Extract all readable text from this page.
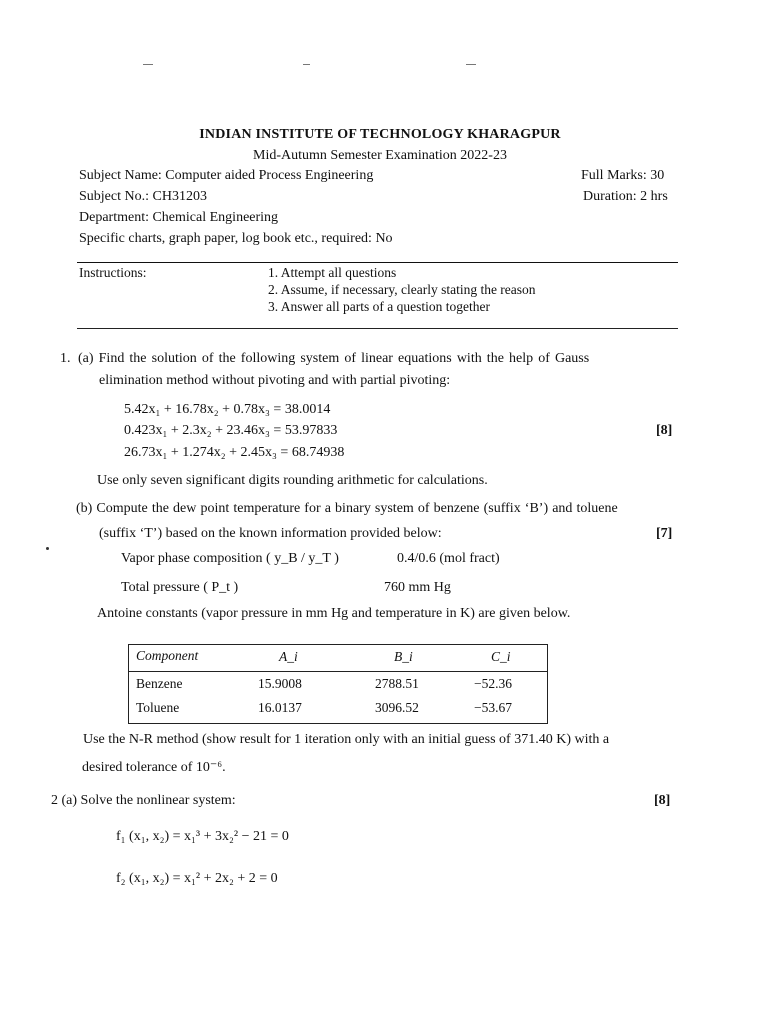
INDIAN INSTITUTE OF TECHNOLOGY KHARAGPUR
Mid-Autumn Semester Examination 2022-23
Subject Name: Computer aided Process Engineering
Subject No.: CH31203
Department: Chemical Engineering
Specific charts, graph paper, log book etc., required: No
Full Marks: 30
Duration: 2 hrs
Instructions:	1. Attempt all questions
2. Assume, if necessary, clearly stating the reason
3. Answer all parts of a question together
1. (a) Find the solution of the following system of linear equations with the help of Gauss
elimination method without pivoting and with partial pivoting:
5.42x₁ + 16.78x₂ + 0.78x₃ = 38.0014
0.423x₁ + 2.3x₂ + 23.46x₃ = 53.97833
26.73x₁ + 1.274x₂ + 2.45x₃ = 68.74938
[8]
Use only seven significant digits rounding arithmetic for calculations.
(b) Compute the dew point temperature for a binary system of benzene (suffix ‘B’) and toluene
(suffix ‘T’) based on the known information provided below:	[7]
Vapor phase composition ( y_B / y_T )	0.4/0.6 (mol fract)
Total pressure ( P_t )	760 mm Hg
Antoine constants (vapor pressure in mm Hg and temperature in K) are given below.
Component	A_i	B_i	C_i
Benzene	15.9008	2788.51	−52.36
Toluene	16.0137	3096.52	−53.67
Use the N-R method (show result for 1 iteration only with an initial guess of 371.40 K) with a
desired tolerance of 10⁻⁶.
2 (a) Solve the nonlinear system:	[8]
f₁ (x₁, x₂) = x₁³ + 3x₂² − 21 = 0
f₂ (x₁, x₂) = x₁² + 2x₂ + 2 = 0
